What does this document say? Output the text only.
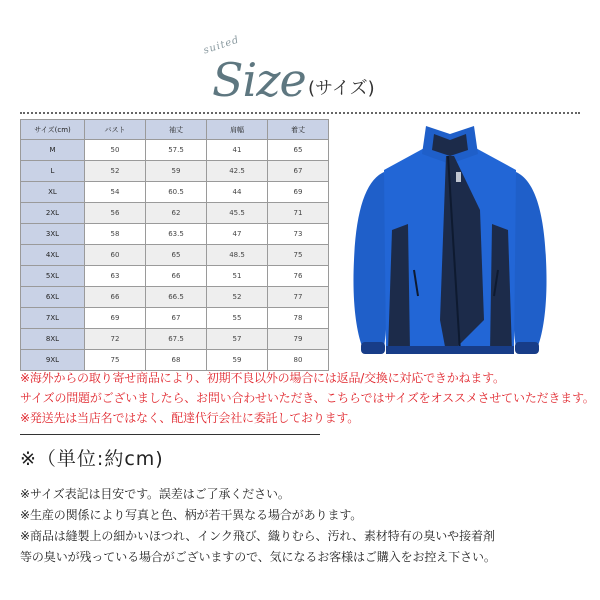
suited
Size (サイズ)
サイズ(cm)	バスト	袖丈	肩幅	着丈
M	50	57.5	41	65
L	52	59	42.5	67
XL	54	60.5	44	69
2XL	56	62	45.5	71
3XL	58	63.5	47	73
4XL	60	65	48.5	75
5XL	63	66	51	76
6XL	66	66.5	52	77
7XL	69	67	55	78
8XL	72	67.5	57	79
9XL	75	68	59	80
※海外からの取り寄せ商品により、初期不良以外の場合には返品/交換に対応できかねます。
サイズの問題がございましたら、お問い合わせいただき、こちらではサイズをオススメさせていただきます。
※発送先は当店名ではなく、配達代行会社に委託しております。
※（単位:約cm)
※サイズ表記は目安です。誤差はご了承ください。
※生産の関係により写真と色、柄が若干異なる場合があります。
※商品は縫製上の細かいほつれ、インク飛び、織りむら、汚れ、素材特有の臭いや接着剤
等の臭いが残っている場合がございますので、気になるお客様はご購入をお控え下さい。
